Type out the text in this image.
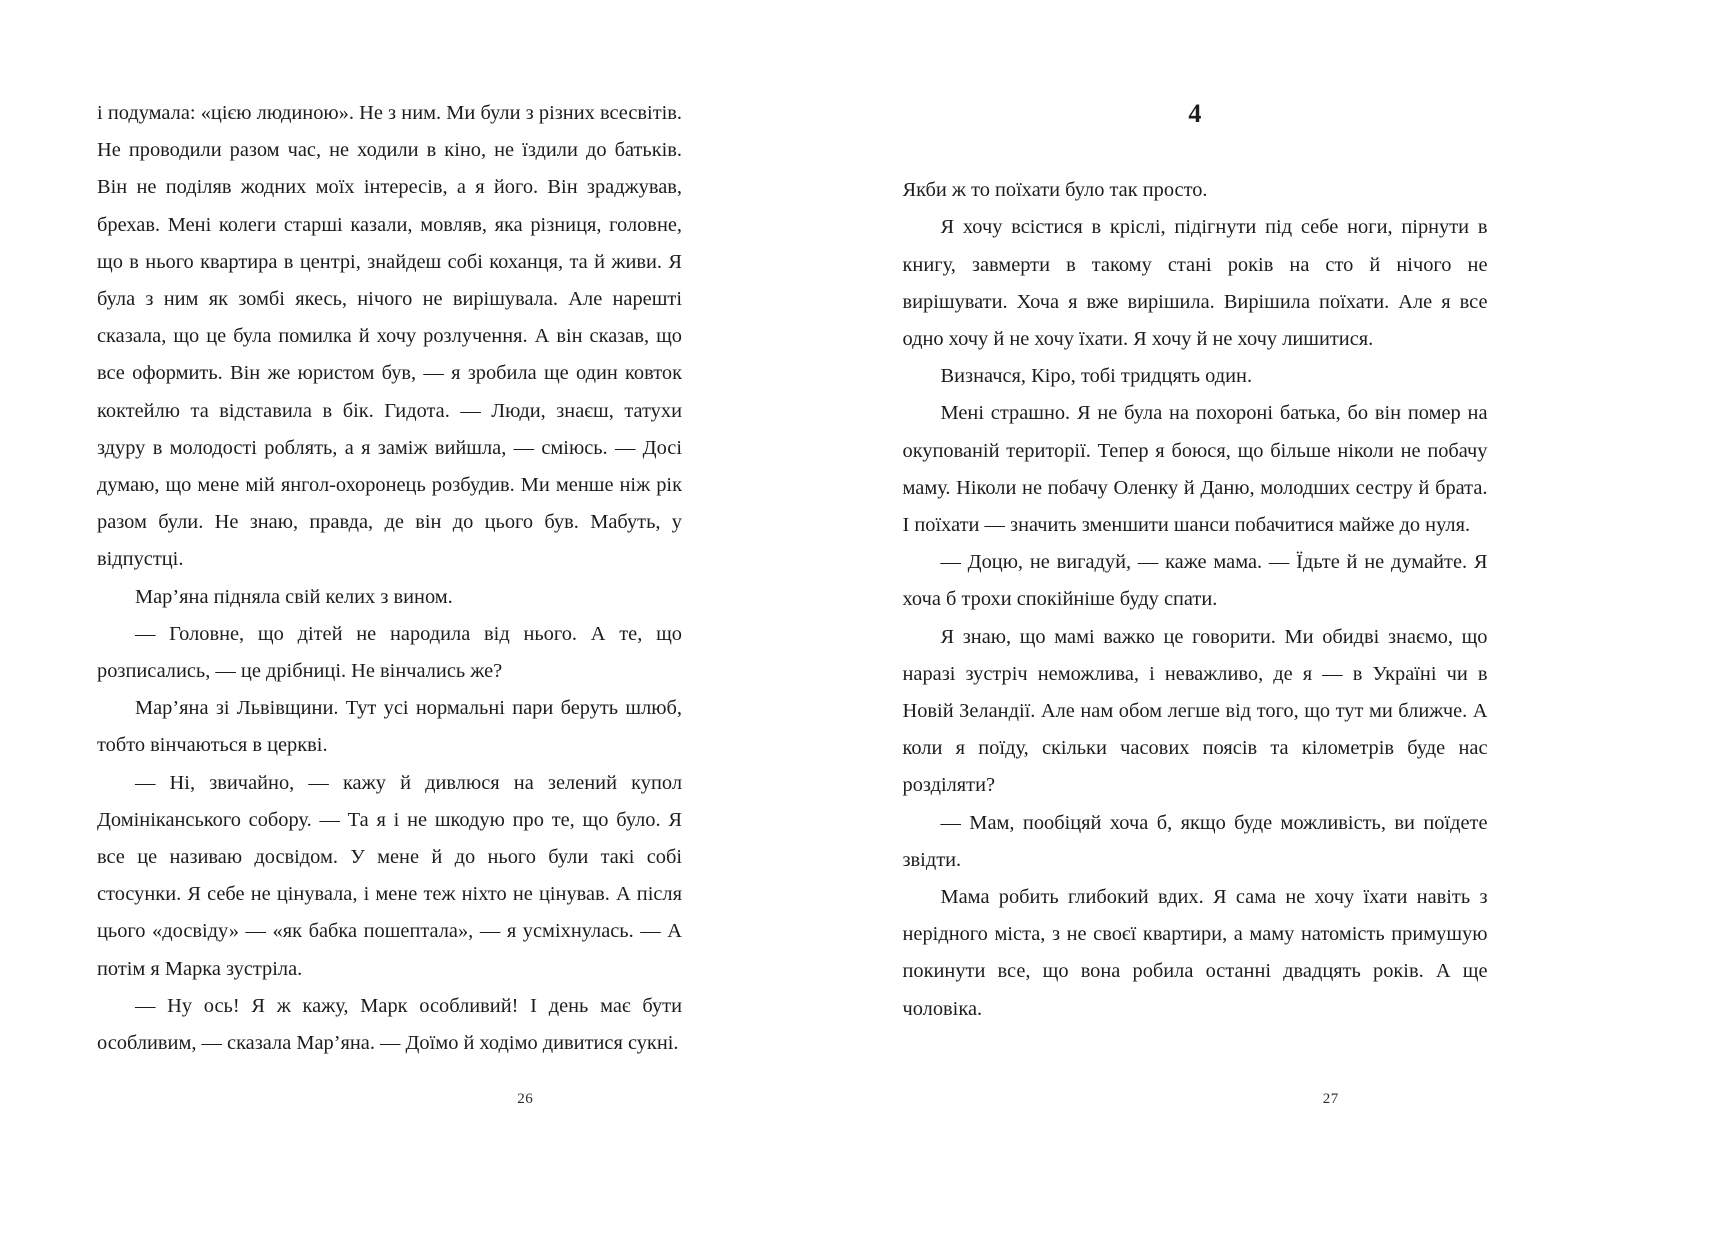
і подумала: «цією людиною». Не з ним. Ми були з різних всесвітів. Не проводили разом час, не ходили в кіно, не їздили до батьків. Він не поділяв жодних моїх інтересів, а я його. Він зраджував, брехав. Мені колеги старші казали, мовляв, яка різниця, головне, що в нього квартира в центрі, знайдеш собі коханця, та й живи. Я була з ним як зомбі якесь, нічого не вирішувала. Але нарешті сказала, що це була помилка й хочу розлучення. А він сказав, що все оформить. Він же юристом був, — я зробила ще один ковток коктейлю та відставила в бік. Гидота. — Люди, знаєш, татухи здуру в молодості роблять, а я заміж вийшла, — сміюсь. — Досі думаю, що мене мій янгол-охоронець розбудив. Ми менше ніж рік разом були. Не знаю, правда, де він до цього був. Мабуть, у відпустці.

Мар’яна підняла свій келих з вином.

— Головне, що дітей не народила від нього. А те, що розписались, — це дрібниці. Не вінчались же?

Мар’яна зі Львівщини. Тут усі нормальні пари беруть шлюб, тобто вінчаються в церкві.

— Ні, звичайно, — кажу й дивлюся на зелений купол Домініканського собору. — Та я і не шкодую про те, що було. Я все це називаю досвідом. У мене й до нього були такі собі стосунки. Я себе не цінувала, і мене теж ніхто не цінував. А після цього «досвіду» — «як бабка пошептала», — я усміхнулась. — А потім я Марка зустріла.

— Ну ось! Я ж кажу, Марк особливий! І день має бути особливим, — сказала Мар’яна. — Доїмо й ходімо дивитися сукні.

26
4

Якби ж то поїхати було так просто.

Я хочу всістися в кріслі, підігнути під себе ноги, пірнути в книгу, завмерти в такому стані років на сто й нічого не вирішувати. Хоча я вже вирішила. Вирішила поїхати. Але я все одно хочу й не хочу їхати. Я хочу й не хочу лишитися.

Визначся, Кіро, тобі тридцять один.

Мені страшно. Я не була на похороні батька, бо він помер на окупованій території. Тепер я боюся, що більше ніколи не побачу маму. Ніколи не побачу Оленку й Даню, молодших сестру й брата. І поїхати — значить зменшити шанси побачитися майже до нуля.

— Доцю, не вигадуй, — каже мама. — Їдьте й не думайте. Я хоча б трохи спокійніше буду спати.

Я знаю, що мамі важко це говорити. Ми обидві знаємо, що наразі зустріч неможлива, і неважливо, де я — в Україні чи в Новій Зеландії. Але нам обом легше від того, що тут ми ближче. А коли я поїду, скільки часових поясів та кілометрів буде нас розділяти?

— Мам, пообіцяй хоча б, якщо буде можливість, ви поїдете звідти.

Мама робить глибокий вдих. Я сама не хочу їхати навіть з нерідного міста, з не своєї квартири, а маму натомість примушую покинути все, що вона робила останні двадцять років. А ще чоловіка.

27
